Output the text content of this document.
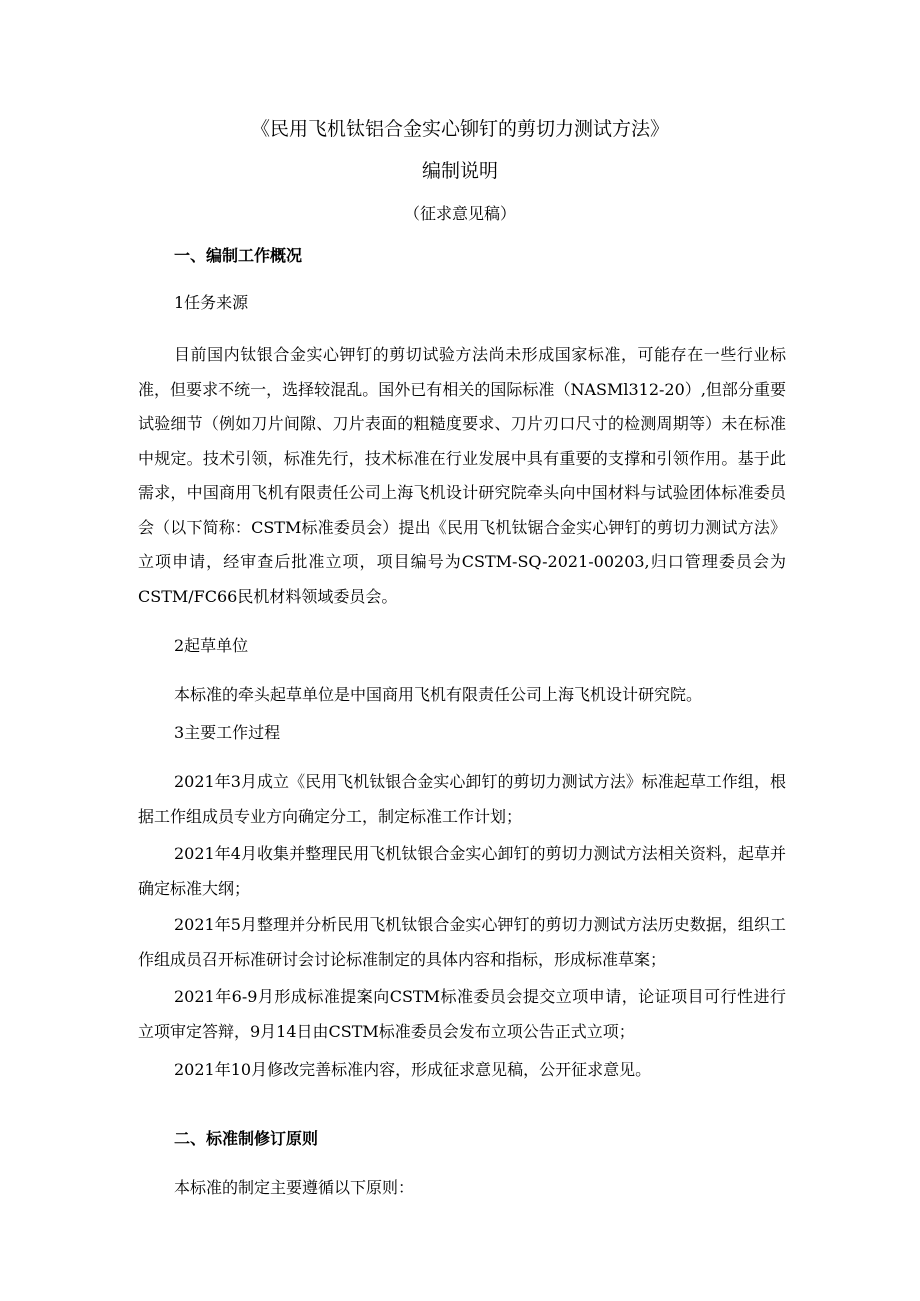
《民用飞机钛铝合金实心铆钉的剪切力测试方法》
编制说明
（征求意见稿）
一、编制工作概况
1任务来源

目前国内钛银合金实心钾钉的剪切试验方法尚未形成国家标准，可能存在一些行业标准，但要求不统一，选择较混乱。国外已有相关的国际标准（NASMl312-20）,但部分重要试验细节（例如刀片间隙、刀片表面的粗糙度要求、刀片刃口尺寸的检测周期等）未在标准中规定。技术引领，标准先行，技术标准在行业发展中具有重要的支撑和引领作用。基于此需求，中国商用飞机有限责任公司上海飞机设计研究院牵头向中国材料与试验团体标准委员会（以下简称：CSTM标准委员会）提出《民用飞机钛锯合金实心钾钉的剪切力测试方法》立项申请，经审查后批准立项，项目编号为CSTM-SQ-2021-00203,归口管理委员会为CSTM/FC66民机材料领域委员会。

2起草单位

本标准的牵头起草单位是中国商用飞机有限责任公司上海飞机设计研究院。

3主要工作过程

2021年3月成立《民用飞机钛银合金实心卸钉的剪切力测试方法》标准起草工作组，根据工作组成员专业方向确定分工，制定标准工作计划；

2021年4月收集并整理民用飞机钛银合金实心卸钉的剪切力测试方法相关资料，起草并确定标准大纲；

2021年5月整理并分析民用飞机钛银合金实心钾钉的剪切力测试方法历史数据，组织工作组成员召开标准研讨会讨论标准制定的具体内容和指标，形成标准草案；

2021年6-9月形成标准提案向CSTM标准委员会提交立项申请，论证项目可行性进行立项审定答辩，9月14日由CSTM标准委员会发布立项公告正式立项；

2021年10月修改完善标准内容，形成征求意见稿，公开征求意见。

二、标准制修订原则

本标准的制定主要遵循以下原则：
